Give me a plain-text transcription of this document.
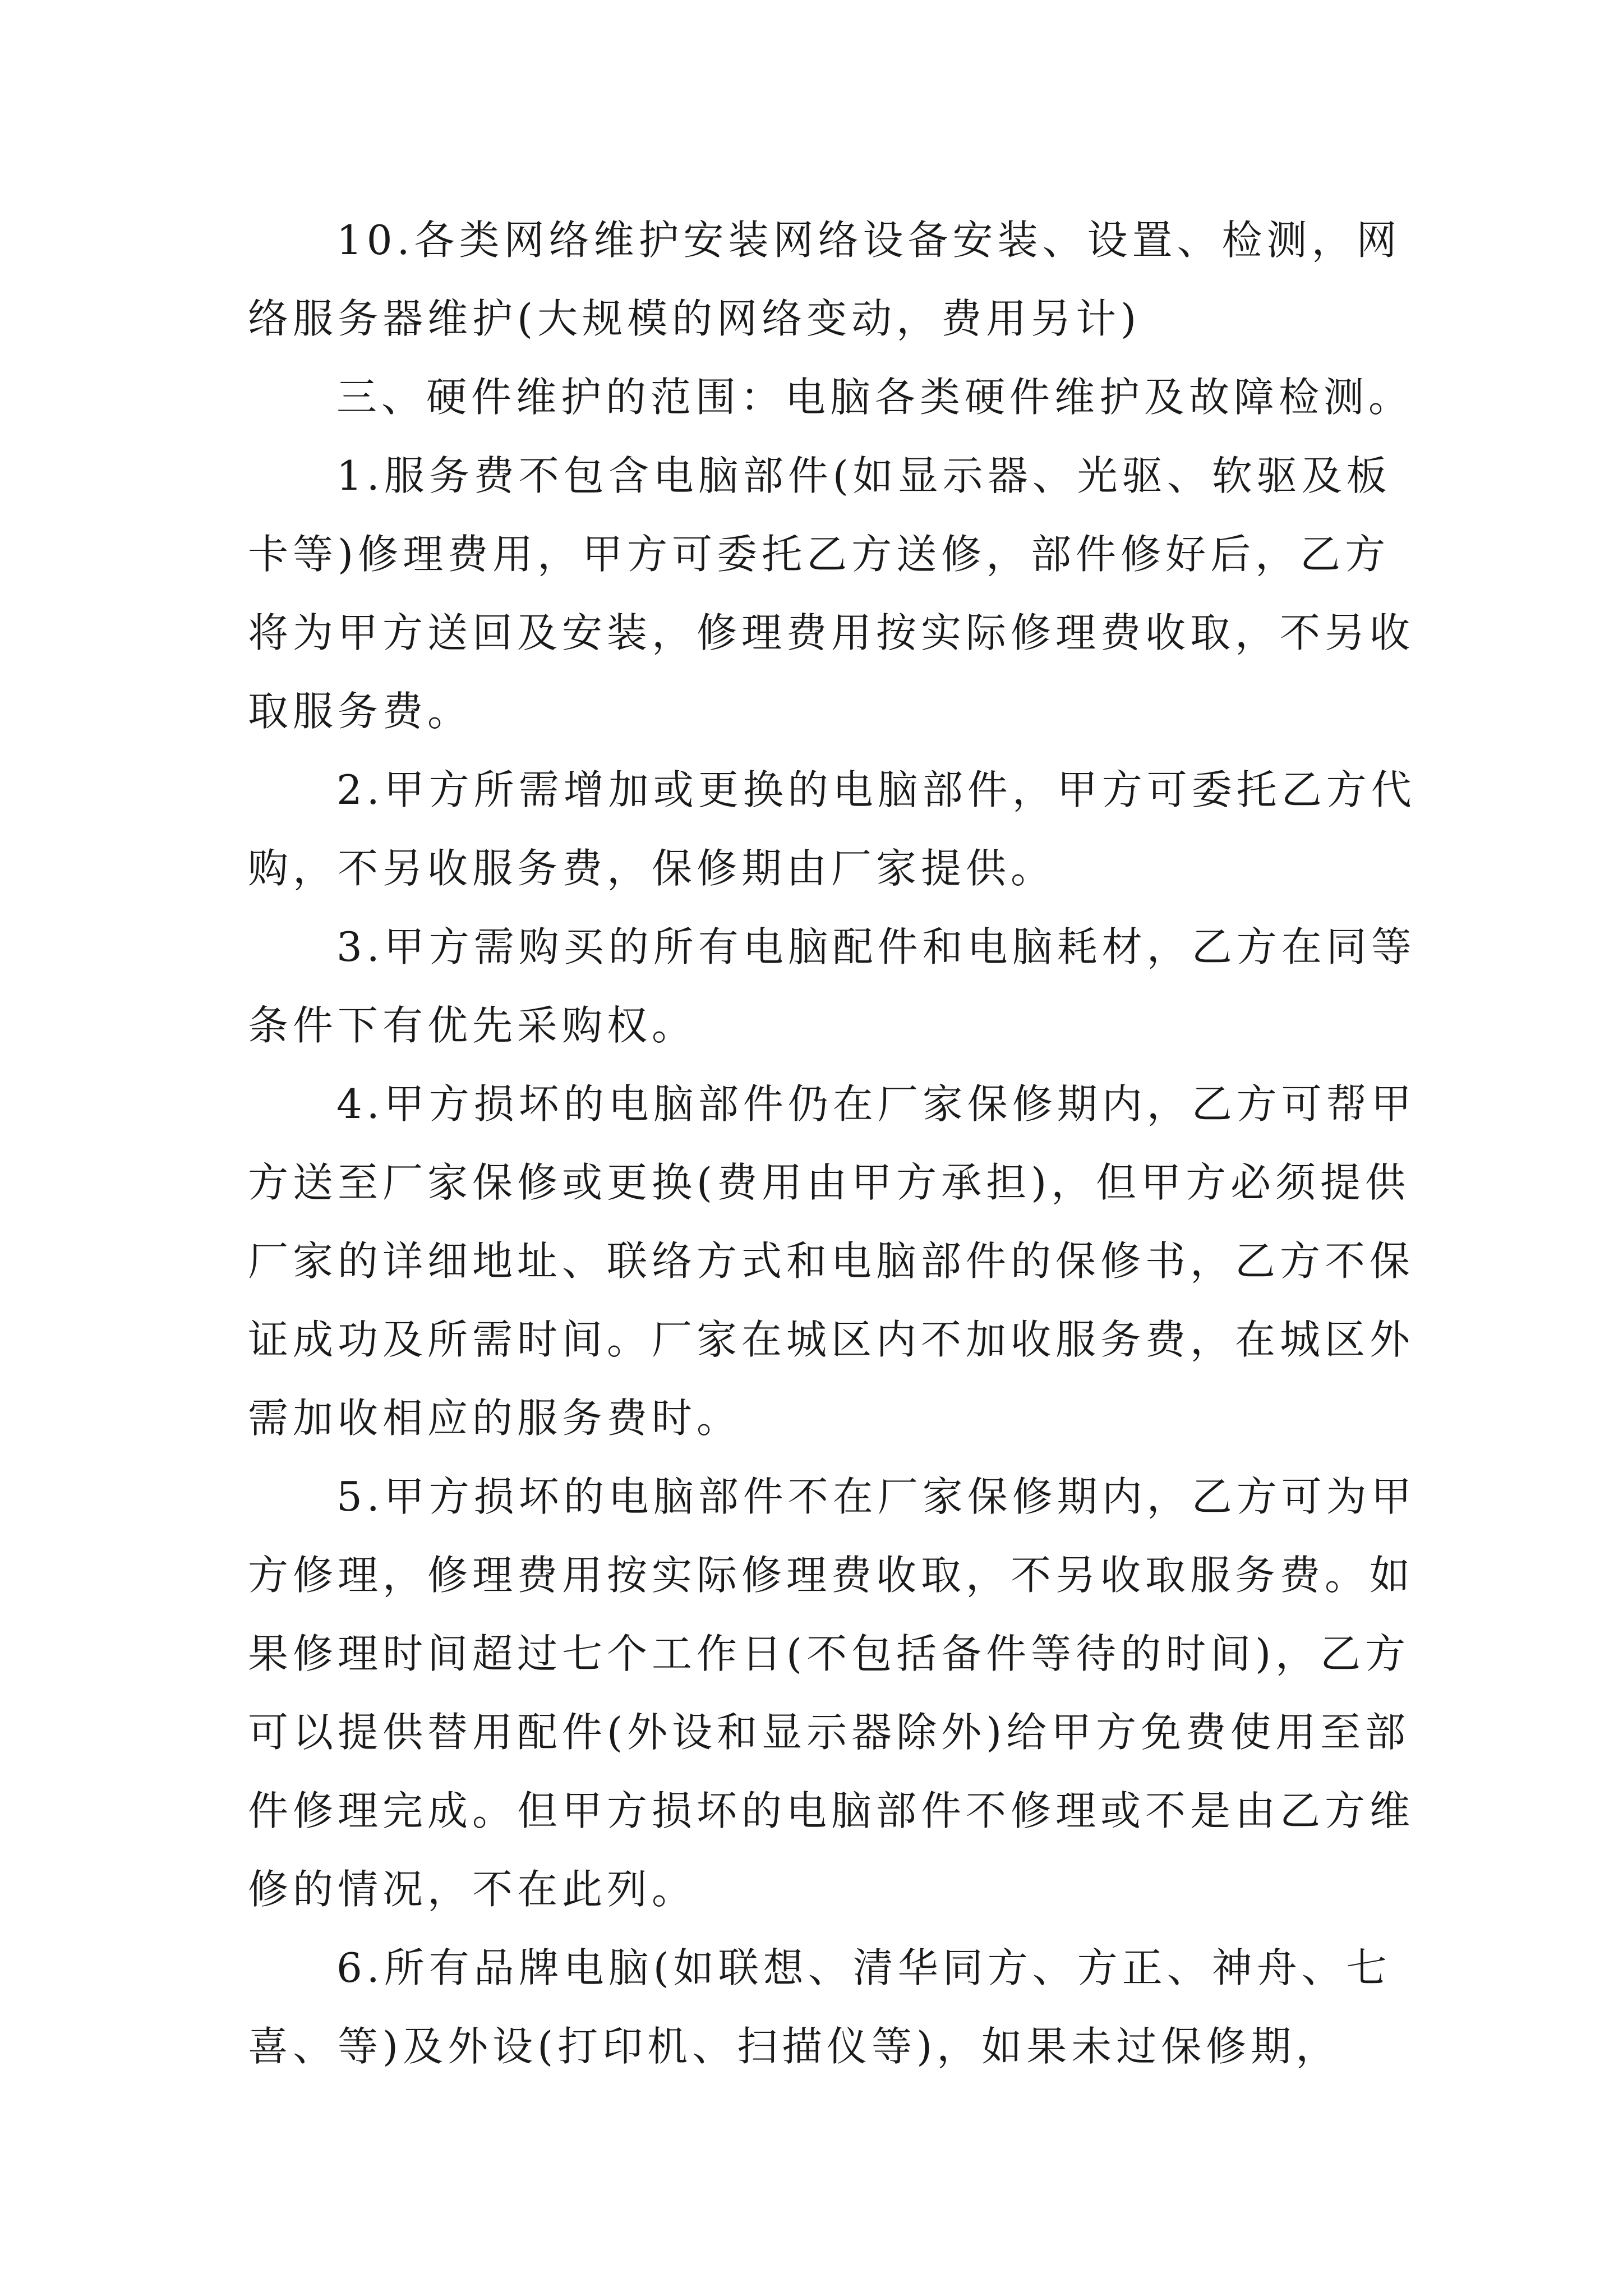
10.各类网络维护安装网络设备安装、设置、检测，网
络服务器维护(大规模的网络变动，费用另计)
三、硬件维护的范围：电脑各类硬件维护及故障检测。
1.服务费不包含电脑部件(如显示器、光驱、软驱及板
卡等)修理费用，甲方可委托乙方送修，部件修好后，乙方
将为甲方送回及安装，修理费用按实际修理费收取，不另收
取服务费。
2.甲方所需增加或更换的电脑部件，甲方可委托乙方代
购，不另收服务费，保修期由厂家提供。
3.甲方需购买的所有电脑配件和电脑耗材，乙方在同等
条件下有优先采购权。
4.甲方损坏的电脑部件仍在厂家保修期内，乙方可帮甲
方送至厂家保修或更换(费用由甲方承担)，但甲方必须提供
厂家的详细地址、联络方式和电脑部件的保修书，乙方不保
证成功及所需时间。厂家在城区内不加收服务费，在城区外
需加收相应的服务费时。
5.甲方损坏的电脑部件不在厂家保修期内，乙方可为甲
方修理，修理费用按实际修理费收取，不另收取服务费。如
果修理时间超过七个工作日(不包括备件等待的时间)，乙方
可以提供替用配件(外设和显示器除外)给甲方免费使用至部
件修理完成。但甲方损坏的电脑部件不修理或不是由乙方维
修的情况，不在此列。
6.所有品牌电脑(如联想、清华同方、方正、神舟、七
喜、等)及外设(打印机、扫描仪等)，如果未过保修期，
